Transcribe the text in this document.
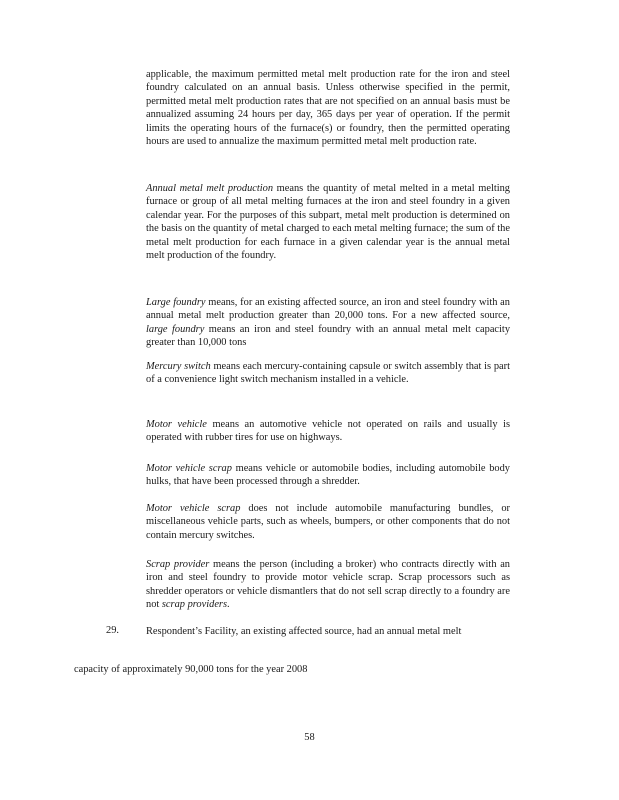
applicable, the maximum permitted metal melt production rate for the iron and steel foundry calculated on an annual basis. Unless otherwise specified in the permit, permitted metal melt production rates that are not specified on an annual basis must be annualized assuming 24 hours per day, 365 days per year of operation. If the permit limits the operating hours of the furnace(s) or foundry, then the permitted operating hours are used to annualize the maximum permitted metal melt production rate.

Annual metal melt production means the quantity of metal melted in a metal melting furnace or group of all metal melting furnaces at the iron and steel foundry in a given calendar year. For the purposes of this subpart, metal melt production is determined on the basis on the quantity of metal charged to each metal melting furnace; the sum of the metal melt production for each furnace in a given calendar year is the annual metal melt production of the foundry.

Large foundry means, for an existing affected source, an iron and steel foundry with an annual metal melt production greater than 20,000 tons. For a new affected source, large foundry means an iron and steel foundry with an annual metal melt capacity greater than 10,000 tons

Mercury switch means each mercury-containing capsule or switch assembly that is part of a convenience light switch mechanism installed in a vehicle.

Motor vehicle means an automotive vehicle not operated on rails and usually is operated with rubber tires for use on highways.

Motor vehicle scrap means vehicle or automobile bodies, including automobile body hulks, that have been processed through a shredder.

Motor vehicle scrap does not include automobile manufacturing bundles, or miscellaneous vehicle parts, such as wheels, bumpers, or other components that do not contain mercury switches.

Scrap provider means the person (including a broker) who contracts directly with an iron and steel foundry to provide motor vehicle scrap. Scrap processors such as shredder operators or vehicle dismantlers that do not sell scrap directly to a foundry are not scrap providers.

29.	Respondent’s Facility, an existing affected source, had an annual metal melt

capacity of approximately 90,000 tons for the year 2008

58
